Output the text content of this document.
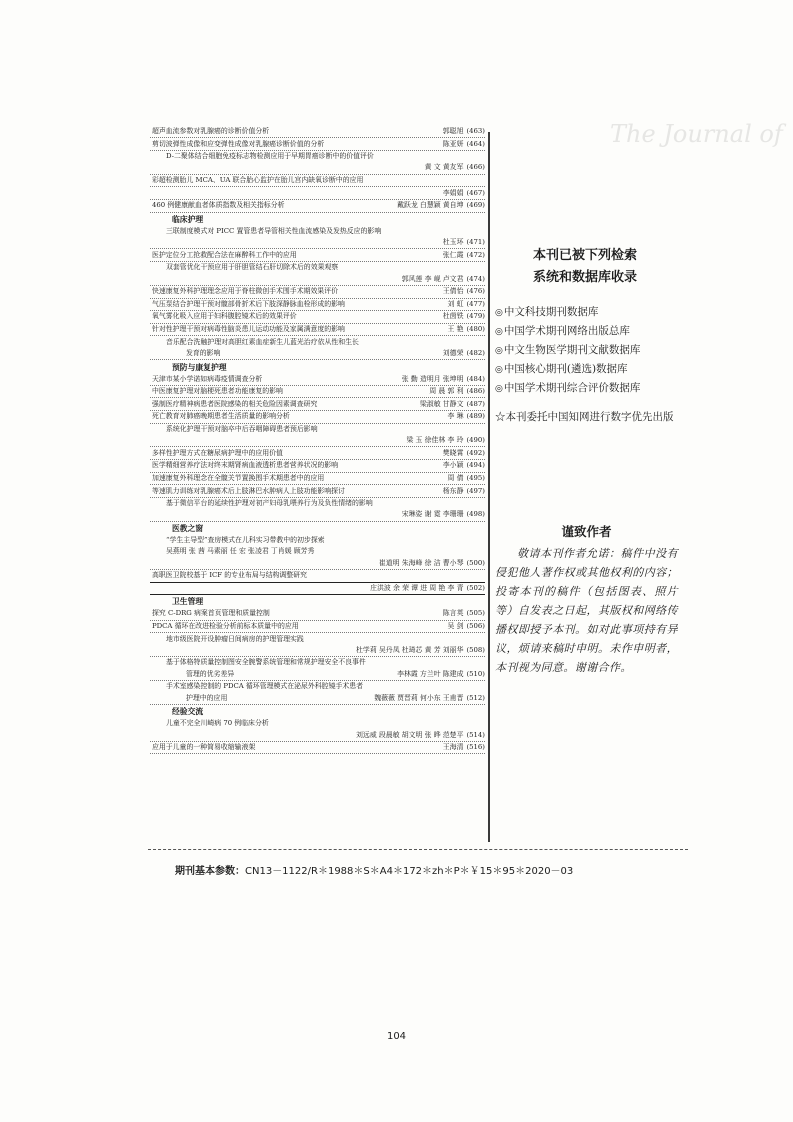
The Journal of
超声血流参数对乳腺癌的诊断价值分析	郭聪旭 (463)
剪切波弹性成像和应变弹性成像对乳腺癌诊断价值的分析	陈亚妍 (464)
D-二聚体结合细胞免疫标志物检测应用于早期胃癌诊断中的价值评价
黄 文 黄友军 (466)
彩超检测胎儿 MCA、UA 联合胎心监护在胎儿宫内缺氧诊断中的应用
李娟娟 (467)
460 例健康献血者体质指数及相关指标分析	戴跃龙 白慧颖 黄自坤 (469)
临床护理
三联制度模式对 PICC 置管患者导管相关性血流感染及发热反应的影响
杜玉环 (471)
医护定位分工抢救配合法在麻醉科工作中的应用	张仁霞 (472)
双套管优化干预应用于肝胆管结石肝切除术后的效果观察
郭风莲 李 岘 卢文君 (474)
快速康复外科护理理念应用于脊柱微创手术围手术期效果评价	王倩怡 (476)
气压泵结合护理干预对髋部骨折术后下肢深静脉血栓形成的影响	刘 虹 (477)
氧气雾化吸入应用于妇科腹腔镜术后的效果评价	杜茵铁 (479)
针对性护理干预对病毒性脑炎患儿运动功能及家属满意度的影响	王 艳 (480)
音乐配合洗触护理对高胆红素血症新生儿蓝光治疗依从性和生长
发育的影响	刘德荣 (482)
预防与康复护理
天津市某小学诺如病毒疫情调查分析	张 勤 造明月 张坤明 (484)
中医康复护理对脑梗死患者功能康复的影响	周 晨 郭 利 (486)
强制医疗精神病患者医院感染的相关危险因素调查研究	梁淑敏 甘静文 (487)
死亡教育对肺癌晚期患者生活质量的影响分析	李 琳 (489)
系统化护理干预对脑卒中后吞咽障碍患者预后影响
梁 玉 徐佳林 李 玲 (490)
多样性护理方式在糖尿病护理中的应用价值	樊晓霄 (492)
医学精细营养疗法对终末期肾病血液透析患者营养状况的影响	李小颖 (494)
加速康复外科理念在全髋关节置换围手术期患者中的应用	周 倩 (495)
等速肌力训练对乳腺癌术后上肢淋巴水肿病人上肢功能影响探讨	杨东静 (497)
基于微信平台的延续性护理对初产妇母乳喂养行为及负性情绪的影响
宋琳姿 谢 霓 李珊珊 (498)
医教之窗
“学生主导型”查房模式在儿科实习带教中的初步探索
吴燕明 张 茜 马素丽 任 宏 张凌君 丁肖媛 顾芳秀
崔道明 朱海峰 徐 洁 曹小琴 (500)
高职医卫院校基于 ICF 的专业布局与结构调整研究
庄洪波 余 荣 谭 进 周 艳 李 青 (502)
卫生管理
探究 C-DRG 病案首页管理和质量控制	陈言英 (505)
PDCA 循环在改进检验分析前标本质量中的应用	吴 剑 (506)
地市级医院开设肿瘤日间病房的护理管理实践
杜学莉 吴丹凤 杜琦芯 黄 芳 刘丽华 (508)
基于体格特质量控制图安全腕警系统管理和常规护理安全不良事件
管理的优劣差异	李林霞 方兰叶 陈建成 (510)
手术室感染控制的 PDCA 循环管理模式在泌尿外科腔镜手术患者
护理中的应用	魏薇薇 贾晋莉 何小东 王甫晋 (512)
经验交流
儿童不完全川崎病 70 例临床分析
刘远威 段晨敏 胡文明 张 晔 范楚平 (514)
应用于儿童的一种简易收缩输液架	王海清 (516)
本刊已被下列检索
系统和数据库收录
◎ 中文科技期刊数据库
◎ 中国学术期刊网络出版总库
◎ 中文生物医学期刊文献数据库
◎ 中国核心期刊(遴选)数据库
◎ 中国学术期刊综合评价数据库
☆本刊委托中国知网进行数字优先出版
谨致作者
敬请本刊作者允诺：稿件中没有侵犯他人著作权或其他权利的内容；投寄本刊的稿件（包括图表、照片等）自发表之日起，其版权和网络传播权即授予本刊。如对此事项持有异议，烦请来稿时申明。未作申明者，本刊视为同意。谢谢合作。
期刊基本参数：CN13－1122/R＊1988＊S＊A4＊172＊zh＊P＊￥15＊95＊2020－03
104
